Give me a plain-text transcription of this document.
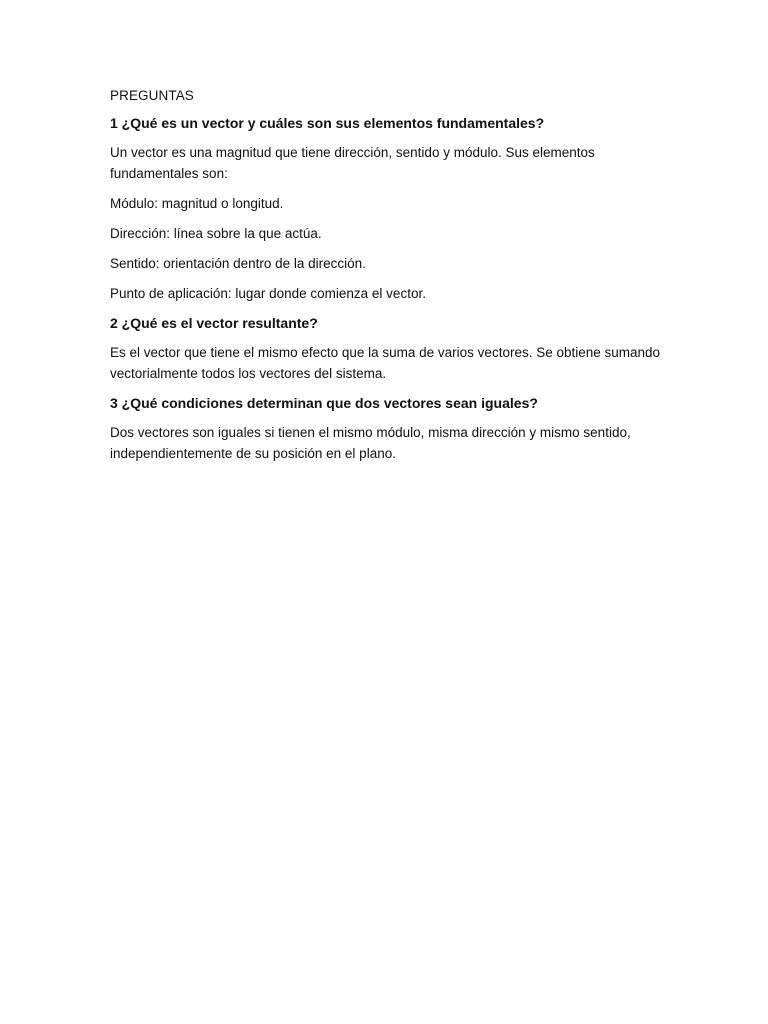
PREGUNTAS
1 ¿Qué es un vector y cuáles son sus elementos fundamentales?

Un vector es una magnitud que tiene dirección, sentido y módulo. Sus elementos fundamentales son:

Módulo: magnitud o longitud.

Dirección: línea sobre la que actúa.

Sentido: orientación dentro de la dirección.

Punto de aplicación: lugar donde comienza el vector.

2 ¿Qué es el vector resultante?

Es el vector que tiene el mismo efecto que la suma de varios vectores. Se obtiene sumando vectorialmente todos los vectores del sistema.

3 ¿Qué condiciones determinan que dos vectores sean iguales?

Dos vectores son iguales si tienen el mismo módulo, misma dirección y mismo sentido, independientemente de su posición en el plano.
